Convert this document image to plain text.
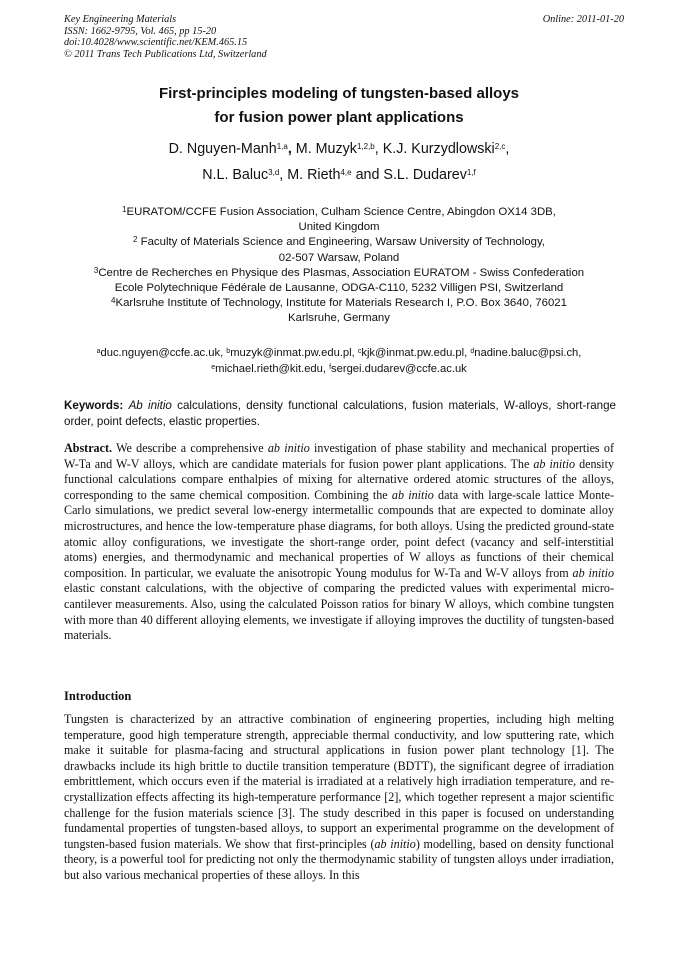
Key Engineering Materials	Online: 2011-01-20
ISSN: 1662-9795, Vol. 465, pp 15-20
doi:10.4028/www.scientific.net/KEM.465.15
© 2011 Trans Tech Publications Ltd, Switzerland
First-principles modeling of tungsten-based alloys
for fusion power plant applications
D. Nguyen-Manh$^{1,a}$, M. Muzyk$^{1,2,b}$, K.J. Kurzydlowski$^{2,c}$,
N.L. Baluc$^{3,d}$, M. Rieth$^{4,e}$ and S.L. Dudarev$^{1,f}$
$^1$EURATOM/CCFE Fusion Association, Culham Science Centre, Abingdon OX14 3DB,
United Kingdom
$^2$ Faculty of Materials Science and Engineering, Warsaw University of Technology,
02-507 Warsaw, Poland
$^3$Centre de Recherches en Physique des Plasmas, Association EURATOM - Swiss Confederation
Ecole Polytechnique Fédérale de Lausanne, ODGA-C110, 5232 Villigen PSI, Switzerland
$^4$Karlsruhe Institute of Technology, Institute for Materials Research I, P.O. Box 3640, 76021
Karlsruhe, Germany
$^a$duc.nguyen@ccfe.ac.uk, $^b$muzyk@inmat.pw.edu.pl, $^c$kjk@inmat.pw.edu.pl, $^d$nadine.baluc@psi.ch,
$^e$michael.rieth@kit.edu, $^f$sergei.dudarev@ccfe.ac.uk
Keywords: Ab initio calculations, density functional calculations, fusion materials, W-alloys, short-range order, point defects, elastic properties.
Abstract. We describe a comprehensive ab initio investigation of phase stability and mechanical properties of W-Ta and W-V alloys, which are candidate materials for fusion power plant applications. The ab initio density functional calculations compare enthalpies of mixing for alternative ordered atomic structures of the alloys, corresponding to the same chemical composition. Combining the ab initio data with large-scale lattice Monte-Carlo simulations, we predict several low-energy intermetallic compounds that are expected to dominate alloy microstructures, and hence the low-temperature phase diagrams, for both alloys. Using the predicted ground-state atomic alloy configurations, we investigate the short-range order, point defect (vacancy and self-interstitial atoms) energies, and thermodynamic and mechanical properties of W alloys as functions of their chemical composition. In particular, we evaluate the anisotropic Young modulus for W-Ta and W-V alloys from ab initio elastic constant calculations, with the objective of comparing the predicted values with experimental micro-cantilever measurements. Also, using the calculated Poisson ratios for binary W alloys, which combine tungsten with more than 40 different alloying elements, we investigate if alloying improves the ductility of tungsten-based materials.
Introduction
Tungsten is characterized by an attractive combination of engineering properties, including high melting temperature, good high temperature strength, appreciable thermal conductivity, and low sputtering rate, which make it suitable for plasma-facing and structural applications in fusion power plant technology [1]. The drawbacks include its high brittle to ductile transition temperature (BDTT), the significant degree of irradiation embrittlement, which occurs even if the material is irradiated at a relatively high irradiation temperature, and re-crystallization effects affecting its high-temperature performance [2], which together represent a major scientific challenge for the fusion materials science [3]. The study described in this paper is focused on understanding fundamental properties of tungsten-based alloys, to support an experimental programme on the development of tungsten-based fusion materials. We show that first-principles (ab initio) modelling, based on density functional theory, is a powerful tool for predicting not only the thermodynamic stability of tungsten alloys under irradiation, but also various mechanical properties of these alloys. In this
